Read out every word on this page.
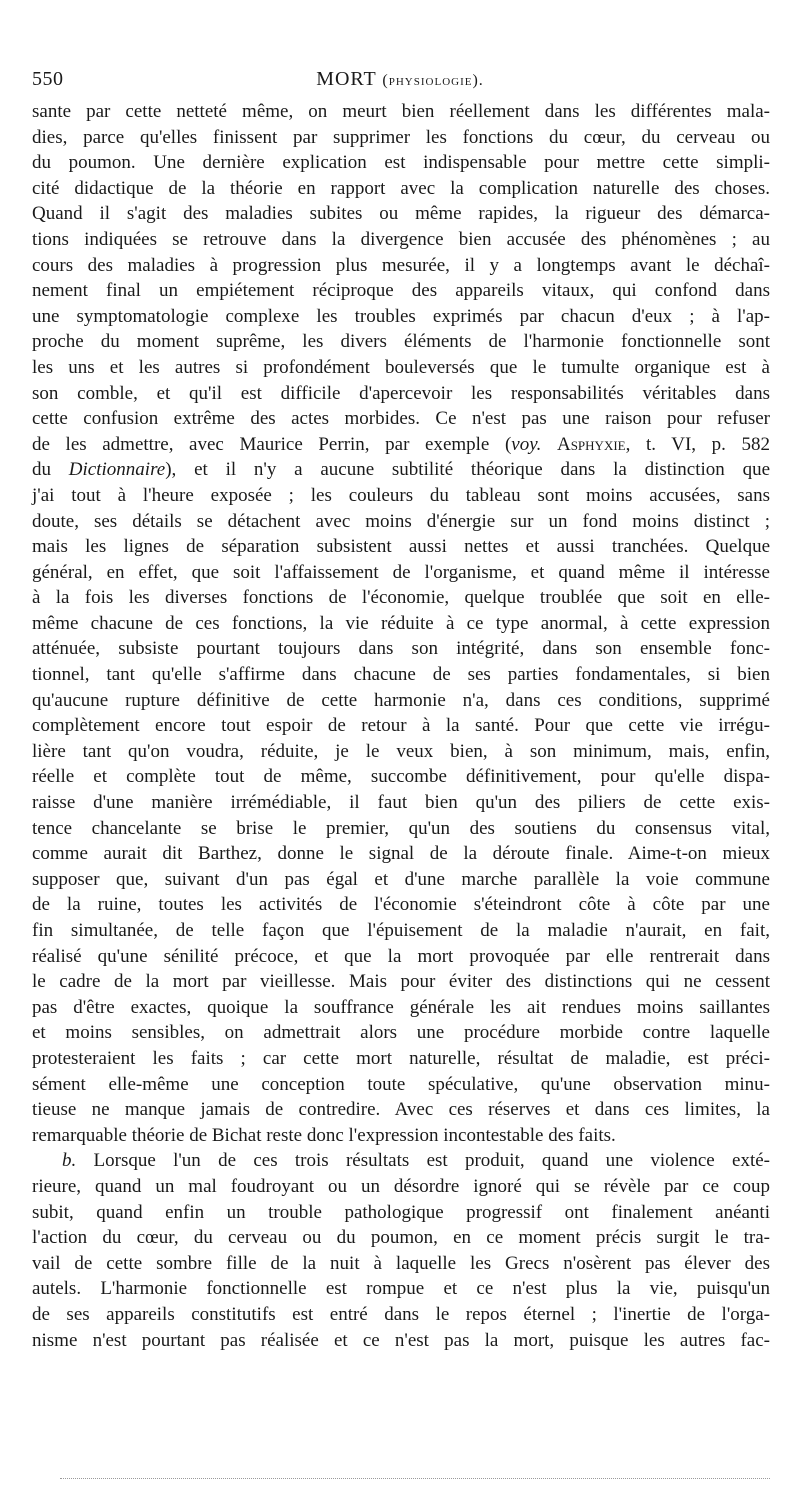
550	MORT (physiologie).
sante par cette netteté même, on meurt bien réellement dans les différentes mala-
dies, parce qu'elles finissent par supprimer les fonctions du cœur, du cerveau ou
du poumon. Une dernière explication est indispensable pour mettre cette simpli-
cité didactique de la théorie en rapport avec la complication naturelle des choses.
Quand il s'agit des maladies subites ou même rapides, la rigueur des démarca-
tions indiquées se retrouve dans la divergence bien accusée des phénomènes ; au
cours des maladies à progression plus mesurée, il y a longtemps avant le déchaî-
nement final un empiétement réciproque des appareils vitaux, qui confond dans
une symptomatologie complexe les troubles exprimés par chacun d'eux ; à l'ap-
proche du moment suprême, les divers éléments de l'harmonie fonctionnelle sont
les uns et les autres si profondément bouleversés que le tumulte organique est à
son comble, et qu'il est difficile d'apercevoir les responsabilités véritables dans
cette confusion extrême des actes morbides. Ce n'est pas une raison pour refuser
de les admettre, avec Maurice Perrin, par exemple (voy. Asphyxie, t. VI, p. 582
du Dictionnaire), et il n'y a aucune subtilité théorique dans la distinction que
j'ai tout à l'heure exposée ; les couleurs du tableau sont moins accusées, sans
doute, ses détails se détachent avec moins d'énergie sur un fond moins distinct ;
mais les lignes de séparation subsistent aussi nettes et aussi tranchées. Quelque
général, en effet, que soit l'affaissement de l'organisme, et quand même il intéresse
à la fois les diverses fonctions de l'économie, quelque troublée que soit en elle-
même chacune de ces fonctions, la vie réduite à ce type anormal, à cette expression
atténuée, subsiste pourtant toujours dans son intégrité, dans son ensemble fonc-
tionnel, tant qu'elle s'affirme dans chacune de ses parties fondamentales, si bien
qu'aucune rupture définitive de cette harmonie n'a, dans ces conditions, supprimé
complètement encore tout espoir de retour à la santé. Pour que cette vie irrégu-
lière tant qu'on voudra, réduite, je le veux bien, à son minimum, mais, enfin,
réelle et complète tout de même, succombe définitivement, pour qu'elle dispa-
raisse d'une manière irrémédiable, il faut bien qu'un des piliers de cette exis-
tence chancelante se brise le premier, qu'un des soutiens du consensus vital,
comme aurait dit Barthez, donne le signal de la déroute finale. Aime-t-on mieux
supposer que, suivant d'un pas égal et d'une marche parallèle la voie commune
de la ruine, toutes les activités de l'économie s'éteindront côte à côte par une
fin simultanée, de telle façon que l'épuisement de la maladie n'aurait, en fait,
réalisé qu'une sénilité précoce, et que la mort provoquée par elle rentrerait dans
le cadre de la mort par vieillesse. Mais pour éviter des distinctions qui ne cessent
pas d'être exactes, quoique la souffrance générale les ait rendues moins saillantes
et moins sensibles, on admettrait alors une procédure morbide contre laquelle
protesteraient les faits ; car cette mort naturelle, résultat de maladie, est préci-
sément elle-même une conception toute spéculative, qu'une observation minu-
tieuse ne manque jamais de contredire. Avec ces réserves et dans ces limites, la
remarquable théorie de Bichat reste donc l'expression incontestable des faits.
b. Lorsque l'un de ces trois résultats est produit, quand une violence exté-
rieure, quand un mal foudroyant ou un désordre ignoré qui se révèle par ce coup
subit, quand enfin un trouble pathologique progressif ont finalement anéanti
l'action du cœur, du cerveau ou du poumon, en ce moment précis surgit le tra-
vail de cette sombre fille de la nuit à laquelle les Grecs n'osèrent pas élever des
autels. L'harmonie fonctionnelle est rompue et ce n'est plus la vie, puisqu'un
de ses appareils constitutifs est entré dans le repos éternel ; l'inertie de l'orga-
nisme n'est pourtant pas réalisée et ce n'est pas la mort, puisque les autres fac-
